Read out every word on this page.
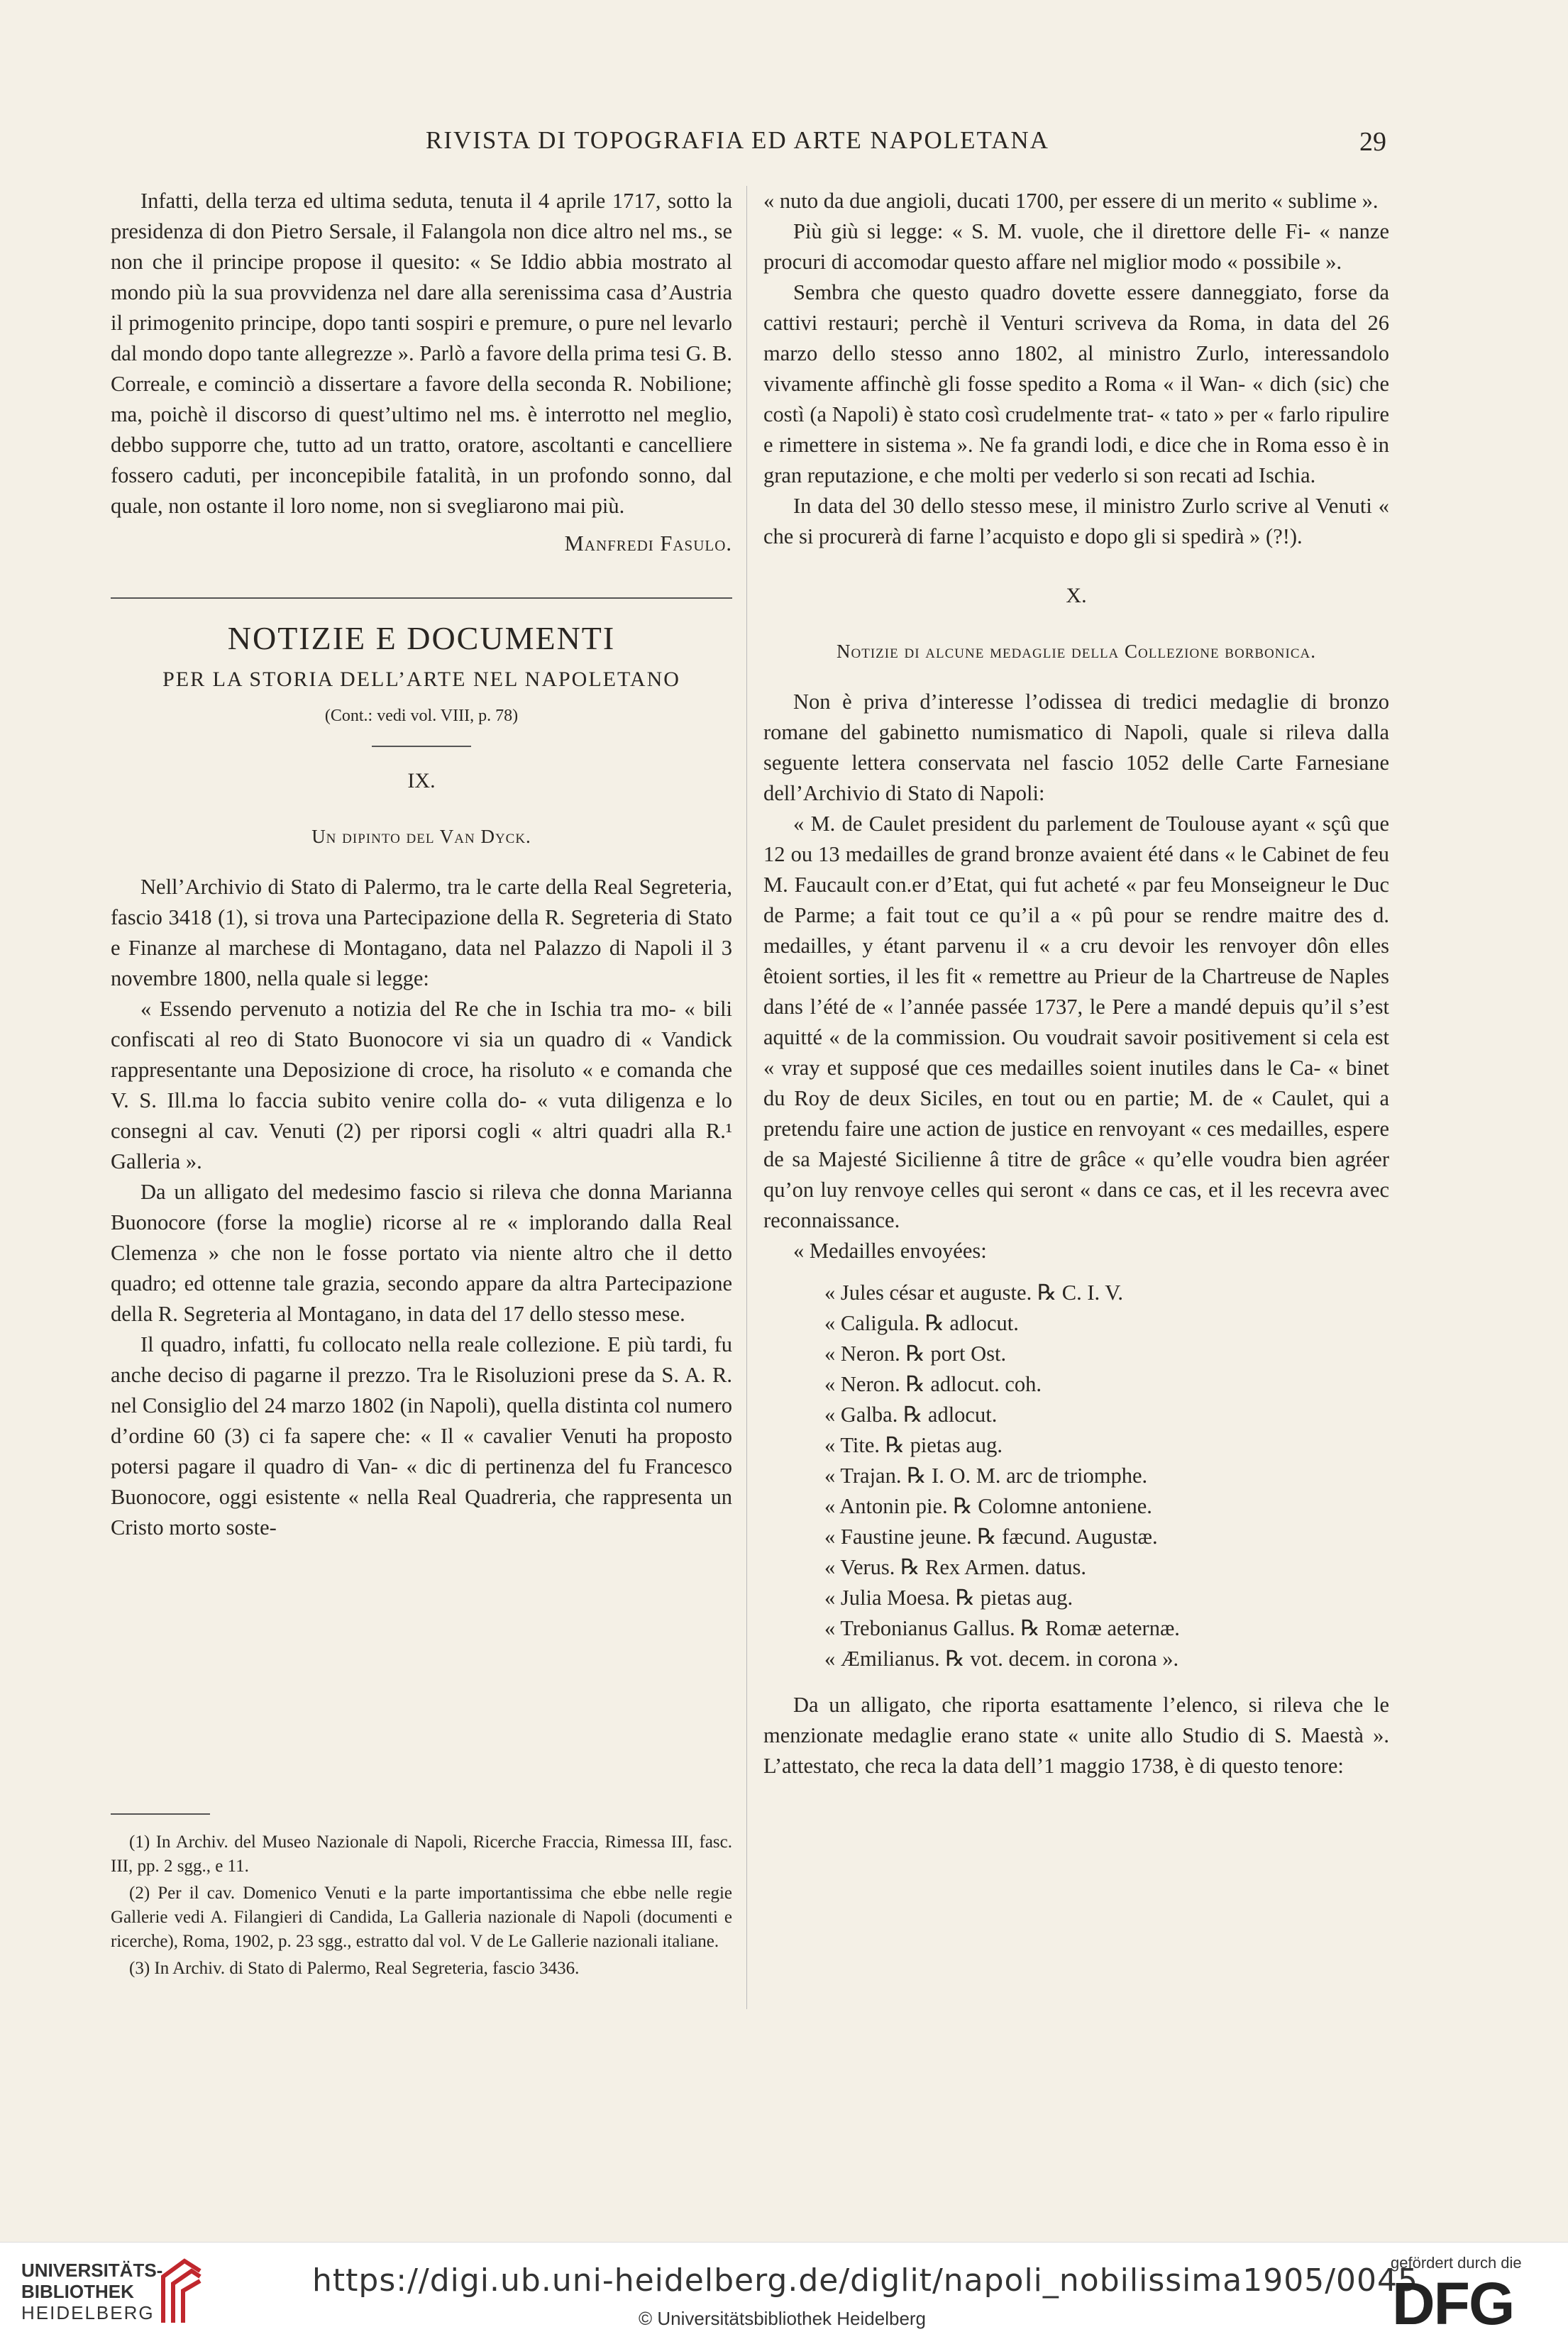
RIVISTA DI TOPOGRAFIA ED ARTE NAPOLETANA	29

Infatti, della terza ed ultima seduta, tenuta il 4 aprile 1717, sotto la presidenza di don Pietro Sersale, il Falangola non dice altro nel ms., se non che il principe propose il quesito: « Se Iddio abbia mostrato al mondo più la sua provvidenza nel dare alla serenissima casa d’Austria il primogenito principe, dopo tanti sospiri e premure, o pure nel levarlo dal mondo dopo tante allegrezze ». Parlò a favore della prima tesi G. B. Correale, e cominciò a dissertare a favore della seconda R. Nobilione; ma, poichè il discorso di quest’ultimo nel ms. è interrotto nel meglio, debbo supporre che, tutto ad un tratto, oratore, ascoltanti e cancelliere fossero caduti, per inconcepibile fatalità, in un profondo sonno, dal quale, non ostante il loro nome, non si svegliarono mai più.

Manfredi Fasulo.
NOTIZIE E DOCUMENTI
PER LA STORIA DELL’ARTE NEL NAPOLETANO
(Cont.: vedi vol. VIII, p. 78)
IX.
Un dipinto del Van Dyck.

Nell’Archivio di Stato di Palermo, tra le carte della Real Segreteria, fascio 3418 (1), si trova una Partecipazione della R. Segreteria di Stato e Finanze al marchese di Montagano, data nel Palazzo di Napoli il 3 novembre 1800, nella quale si legge:

« Essendo pervenuto a notizia del Re che in Ischia tra mo- « bili confiscati al reo di Stato Buonocore vi sia un quadro di « Vandick rappresentante una Deposizione di croce, ha risoluto « e comanda che V. S. Ill.ma lo faccia subito venire colla do- « vuta diligenza e lo consegni al cav. Venuti (2) per riporsi cogli « altri quadri alla R.¹ Galleria ».

Da un alligato del medesimo fascio si rileva che donna Marianna Buonocore (forse la moglie) ricorse al re « implorando dalla Real Clemenza » che non le fosse portato via niente altro che il detto quadro; ed ottenne tale grazia, secondo appare da altra Partecipazione della R. Segreteria al Montagano, in data del 17 dello stesso mese.

Il quadro, infatti, fu collocato nella reale collezione. E più tardi, fu anche deciso di pagarne il prezzo. Tra le Risoluzioni prese da S. A. R. nel Consiglio del 24 marzo 1802 (in Napoli), quella distinta col numero d’ordine 60 (3) ci fa sapere che: « Il « cavalier Venuti ha proposto potersi pagare il quadro di Van- « dic di pertinenza del fu Francesco Buonocore, oggi esistente « nella Real Quadreria, che rappresenta un Cristo morto soste-

(1) In Archiv. del Museo Nazionale di Napoli, Ricerche Fraccia, Rimessa III, fasc. III, pp. 2 sgg., e 11.

(2) Per il cav. Domenico Venuti e la parte importantissima che ebbe nelle regie Gallerie vedi A. Filangieri di Candida, La Galleria nazionale di Napoli (documenti e ricerche), Roma, 1902, p. 23 sgg., estratto dal vol. V de Le Gallerie nazionali italiane.

(3) In Archiv. di Stato di Palermo, Real Segreteria, fascio 3436.

« nuto da due angioli, ducati 1700, per essere di un merito « sublime ».

Più giù si legge: « S. M. vuole, che il direttore delle Fi- « nanze procuri di accomodar questo affare nel miglior modo « possibile ».

Sembra che questo quadro dovette essere danneggiato, forse da cattivi restauri; perchè il Venturi scriveva da Roma, in data del 26 marzo dello stesso anno 1802, al ministro Zurlo, interessandolo vivamente affinchè gli fosse spedito a Roma « il Wan- « dich (sic) che costì (a Napoli) è stato così crudelmente trat- « tato » per « farlo ripulire e rimettere in sistema ». Ne fa grandi lodi, e dice che in Roma esso è in gran reputazione, e che molti per vederlo si son recati ad Ischia.

In data del 30 dello stesso mese, il ministro Zurlo scrive al Venuti « che si procurerà di farne l’acquisto e dopo gli si spedirà » (?!).

X.
Notizie di alcune medaglie della Collezione borbonica.

Non è priva d’interesse l’odissea di tredici medaglie di bronzo romane del gabinetto numismatico di Napoli, quale si rileva dalla seguente lettera conservata nel fascio 1052 delle Carte Farnesiane dell’Archivio di Stato di Napoli:

« M. de Caulet president du parlement de Toulouse ayant « sçû que 12 ou 13 medailles de grand bronze avaient été dans « le Cabinet de feu M. Faucault con.er d’Etat, qui fut acheté « par feu Monseigneur le Duc de Parme; a fait tout ce qu’il a « pû pour se rendre maitre des d. medailles, y étant parvenu il « a cru devoir les renvoyer dôn elles êtoient sorties, il les fit « remettre au Prieur de la Chartreuse de Naples dans l’été de « l’année passée 1737, le Pere a mandé depuis qu’il s’est aquitté « de la commission. Ou voudrait savoir positivement si cela est « vray et supposé que ces medailles soient inutiles dans le Ca- « binet du Roy de deux Siciles, en tout ou en partie; M. de « Caulet, qui a pretendu faire une action de justice en renvoyant « ces medailles, espere de sa Majesté Sicilienne â titre de grâce « qu’elle voudra bien agréer qu’on luy renvoye celles qui seront « dans ce cas, et il les recevra avec reconnaissance.

« Medailles envoyées:

« Jules césar et auguste. ℞ C. I. V.
« Caligula. ℞ adlocut.
« Neron. ℞ port Ost.
« Neron. ℞ adlocut. coh.
« Galba. ℞ adlocut.
« Tite. ℞ pietas aug.
« Trajan. ℞ I. O. M. arc de triomphe.
« Antonin pie. ℞ Colomne antoniene.
« Faustine jeune. ℞ fæcund. Augustæ.
« Verus. ℞ Rex Armen. datus.
« Julia Moesa. ℞ pietas aug.
« Trebonianus Gallus. ℞ Romæ aeternæ.
« Æmilianus. ℞ vot. decem. in corona ».

Da un alligato, che riporta esattamente l’elenco, si rileva che le menzionate medaglie erano state « unite allo Studio di S. Maestà ». L’attestato, che reca la data dell’1 maggio 1738, è di questo tenore:

UNIVERSITÄTS-
BIBLIOTHEK
HEIDELBERG
https://digi.ub.uni-heidelberg.de/diglit/napoli_nobilissima1905/0045
© Universitätsbibliothek Heidelberg
gefördert durch die
DFG
